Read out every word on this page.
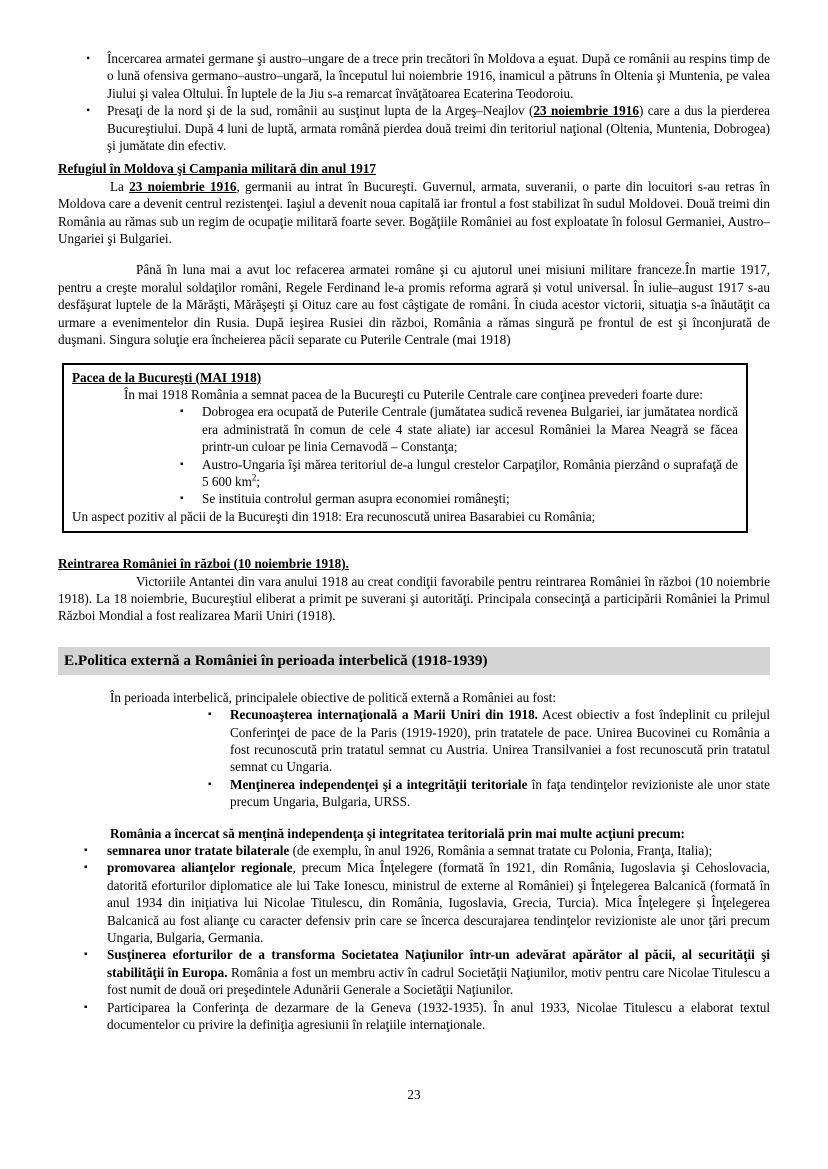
• Încercarea armatei germane şi austro–ungare de a trece prin trecători în Moldova a eşuat. După ce românii au respins timp de o lună ofensiva germano–austro–ungară, la începutul lui noiembrie 1916, inamicul a pătruns în Oltenia şi Muntenia, pe valea Jiului şi valea Oltului. În luptele de la Jiu s-a remarcat învăţătoarea Ecaterina Teodoroiu.
• Presaţi de la nord şi de la sud, românii au susţinut lupta de la Argeş–Neajlov (23 noiembrie 1916) care a dus la pierderea Bucureştiului. După 4 luni de luptă, armata română pierdea două treimi din teritoriul naţional (Oltenia, Muntenia, Dobrogea) şi jumătate din efectiv.

Refugiul în Moldova şi Campania militară din anul 1917

La 23 noiembrie 1916, germanii au intrat în Bucureşti. Guvernul, armata, suveranii, o parte din locuitori s-au retras în Moldova care a devenit centrul rezistenţei. Iaşiul a devenit noua capitală iar frontul a fost stabilizat în sudul Moldovei. Două treimi din România au rămas sub un regim de ocupaţie militară foarte sever. Bogăţiile României au fost exploatate în folosul Germaniei, Austro–Ungariei şi Bulgariei.

Până în luna mai a avut loc refacerea armatei române şi cu ajutorul unei misiuni militare franceze.În martie 1917, pentru a creşte moralul soldaţilor români, Regele Ferdinand le-a promis reforma agrară și votul universal. În iulie–august 1917 s-au desfăşurat luptele de la Mărăşti, Mărăşeşti şi Oituz care au fost câştigate de români. În ciuda acestor victorii, situaţia s-a înăutăţit ca urmare a evenimentelor din Rusia. După ieşirea Rusiei din război, România a rămas singură pe frontul de est şi înconjurată de duşmani. Singura soluţie era încheierea păcii separate cu Puterile Centrale (mai 1918)

Pacea de la Bucureşti (MAI 1918)

În mai 1918 România a semnat pacea de la Bucureşti cu Puterile Centrale care conţinea prevederi foarte dure:

▪ Dobrogea era ocupată de Puterile Centrale (jumătatea sudică revenea Bulgariei, iar jumătatea nordică era administrată în comun de cele 4 state aliate) iar accesul României la Marea Neagră se făcea printr-un culoar pe linia Cernavodă – Constanţa;
▪ Austro-Ungaria îşi mărea teritoriul de-a lungul crestelor Carpaţilor, România pierzând o suprafaţă de 5 600 $km^2$;
▪ Se instituia controlul german asupra economiei româneşti;

Un aspect pozitiv al păcii de la Bucureşti din 1918: Era recunoscută unirea Basarabiei cu România;

Reintrarea României în război (10 noiembrie 1918).

Victoriile Antantei din vara anului 1918 au creat condiţii favorabile pentru reintrarea României în război (10 noiembrie 1918). La 18 noiembrie, Bucureştiul eliberat a primit pe suverani şi autorităţi. Principala consecinţă a participării României la Primul Război Mondial a fost realizarea Marii Uniri (1918).

E.Politica externă a României în perioada interbelică (1918-1939)

În perioada interbelică, principalele obiective de politică externă a României au fost:

▪ Recunoaşterea internaţională a Marii Uniri din 1918. Acest obiectiv a fost îndeplinit cu prilejul Conferinţei de pace de la Paris (1919-1920), prin tratatele de pace. Unirea Bucovinei cu România a fost recunoscută prin tratatul semnat cu Austria. Unirea Transilvaniei a fost recunoscută prin tratatul semnat cu Ungaria.
▪ Menţinerea independenţei şi a integrităţii teritoriale în faţa tendinţelor revizioniste ale unor state precum Ungaria, Bulgaria, URSS.

România a încercat să menţină independenţa şi integritatea teritorială prin mai multe acţiuni precum:

▪ semnarea unor tratate bilaterale (de exemplu, în anul 1926, România a semnat tratate cu Polonia, Franţa, Italia);
▪ promovarea alianţelor regionale, precum Mica Înţelegere (formată în 1921, din România, Iugoslavia şi Cehoslovacia, datorită eforturilor diplomatice ale lui Take Ionescu, ministrul de externe al României) şi Înţelegerea Balcanică (formată în anul 1934 din iniţiativa lui Nicolae Titulescu, din România, Iugoslavia, Grecia, Turcia). Mica Înţelegere și Înţelegerea Balcanică au fost alianţe cu caracter defensiv prin care se încerca descurajarea tendinţelor revizioniste ale unor ţări precum Ungaria, Bulgaria, Germania.
▪ Susţinerea eforturilor de a transforma Societatea Naţiunilor într-un adevărat apărător al păcii, al securităţii şi stabilităţii în Europa. România a fost un membru activ în cadrul Societăţii Naţiunilor, motiv pentru care Nicolae Titulescu a fost numit de două ori preşedintele Adunării Generale a Societăţii Naţiunilor.
▪ Participarea la Conferinţa de dezarmare de la Geneva (1932-1935). În anul 1933, Nicolae Titulescu a elaborat textul documentelor cu privire la definiţia agresiunii în relaţiile internaţionale.
23
